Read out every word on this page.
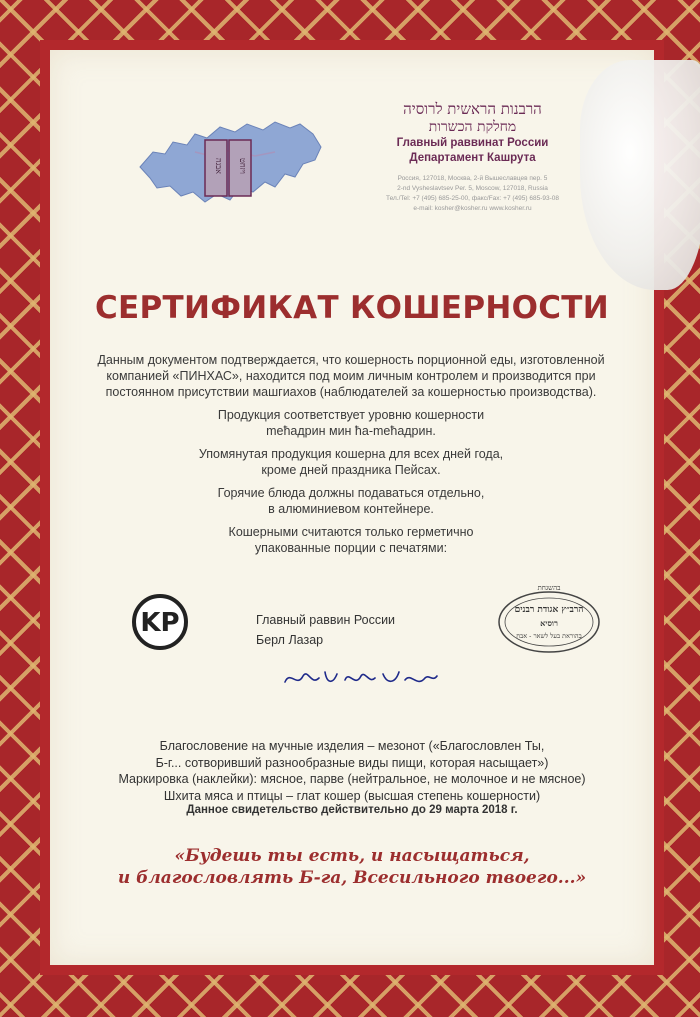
אבגה ויזחט
הרבנות הראשית לרוסיה
מחלקת הכשרות
Главный раввинат России
Департамент Кашрута
Россия, 127018, Москва, 2-й Вышеславцев пер. 5
2-nd Vysheslavtsev Per. 5, Moscow, 127018, Russia
Тел./Tel: +7 (495) 685-25-00, факс/Fax: +7 (495) 685-93-08
e-mail: kosher@kosher.ru www.kosher.ru
СЕРТИФИКАТ КОШЕРНОСТИ

Данным документом подтверждается, что кошерность порционной еды, изготовленной компанией «ПИНХАС», находится под моим личным контролем и производится при постоянном присутствии машгиахов (наблюдателей за кошерностью производства).

Продукция соответствует уровню кошерности meћадрин мин ћа-meћадрин.

Упомянутая продукция кошерна для всех дней года, кроме дней праздника Пейсах.

Горячие блюда должны подаваться отдельно, в алюминиевом контейнере.

Кошерными считаются только герметично упакованные порции с печатями:

KP
בהשגחת
הרב״ץ אגודת רבנים
רוסיא
בהוראת בעל לשאר - אבח
Главный раввин России
Берл Лазар
Благословение на мучные изделия – мезонот («Благословлен Ты,
Б-г... сотворивший разнообразные виды пищи, которая насыщает»)
Маркировка (наклейки): мясное, парве (нейтральное, не молочное и не мясное)
Шхита мяса и птицы – глат кошер (высшая степень кошерности)
Данное свидетельство действительно до 29 марта 2018 г.
«Будешь ты есть, и насыщаться,
и благословлять Б-га, Всесильного твоего...»
